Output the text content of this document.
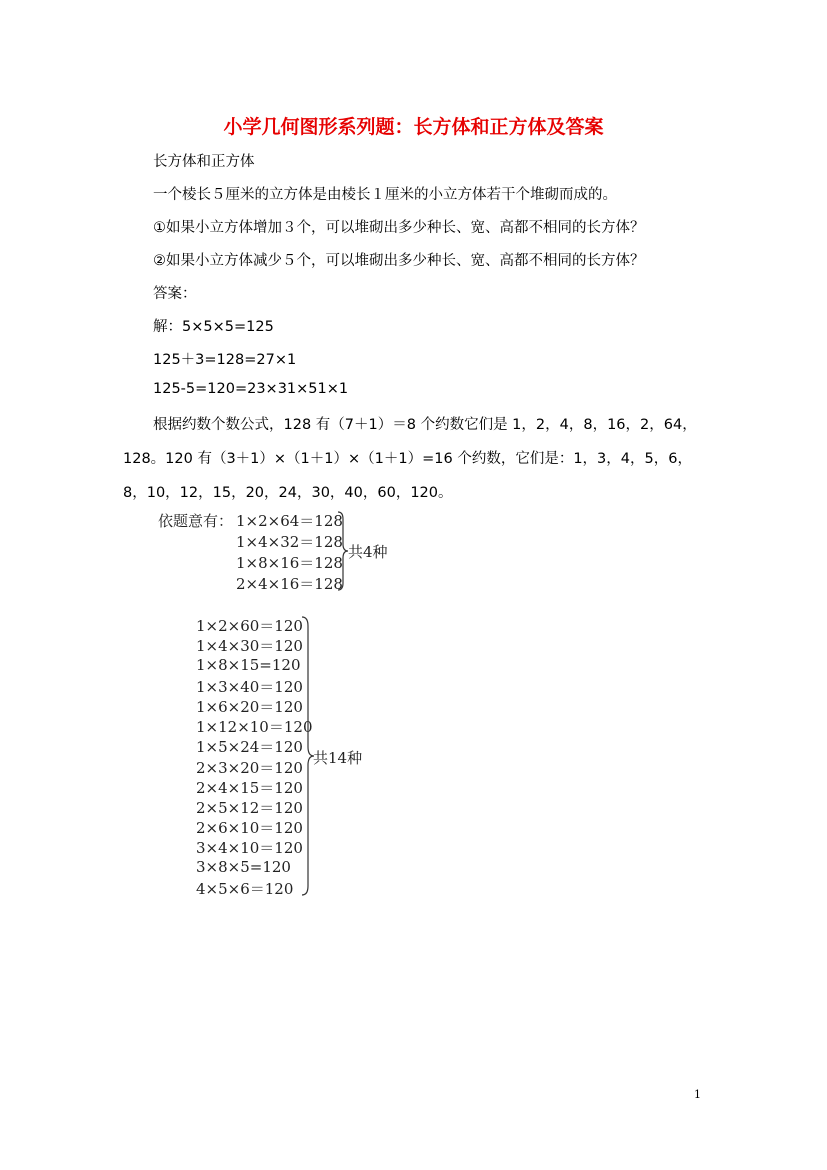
小学几何图形系列题：长方体和正方体及答案
长方体和正方体
一个棱长５厘米的立方体是由棱长１厘米的小立方体若干个堆砌而成的。
①如果小立方体增加３个，可以堆砌出多少种长、宽、高都不相同的长方体？
②如果小立方体减少５个，可以堆砌出多少种长、宽、高都不相同的长方体？
答案：
解：5×5×5=125
125＋3=128=27×1
125-5=120=23×31×51×1
根据约数个数公式，128 有（7＋1）＝8 个约数它们是 1，2，4，8，16，2，64，128。120 有（3＋1）×（1＋1）×（1＋1）=16 个约数，它们是：1，3，4，5，6，8，10，12，15，20，24，30，40，60，120。
依题意有： 1×2×64＝128
1×4×32＝128
1×8×16＝128
2×4×16＝128
共4种
1×2×60＝120
1×4×30＝120
1×8×15=120
1×3×40＝120
1×6×20＝120
1×12×10＝120
1×5×24＝120
2×3×20＝120
2×4×15＝120
2×5×12＝120
2×6×10＝120
3×4×10＝120
3×8×5=120
4×5×6＝120
共14种
1
